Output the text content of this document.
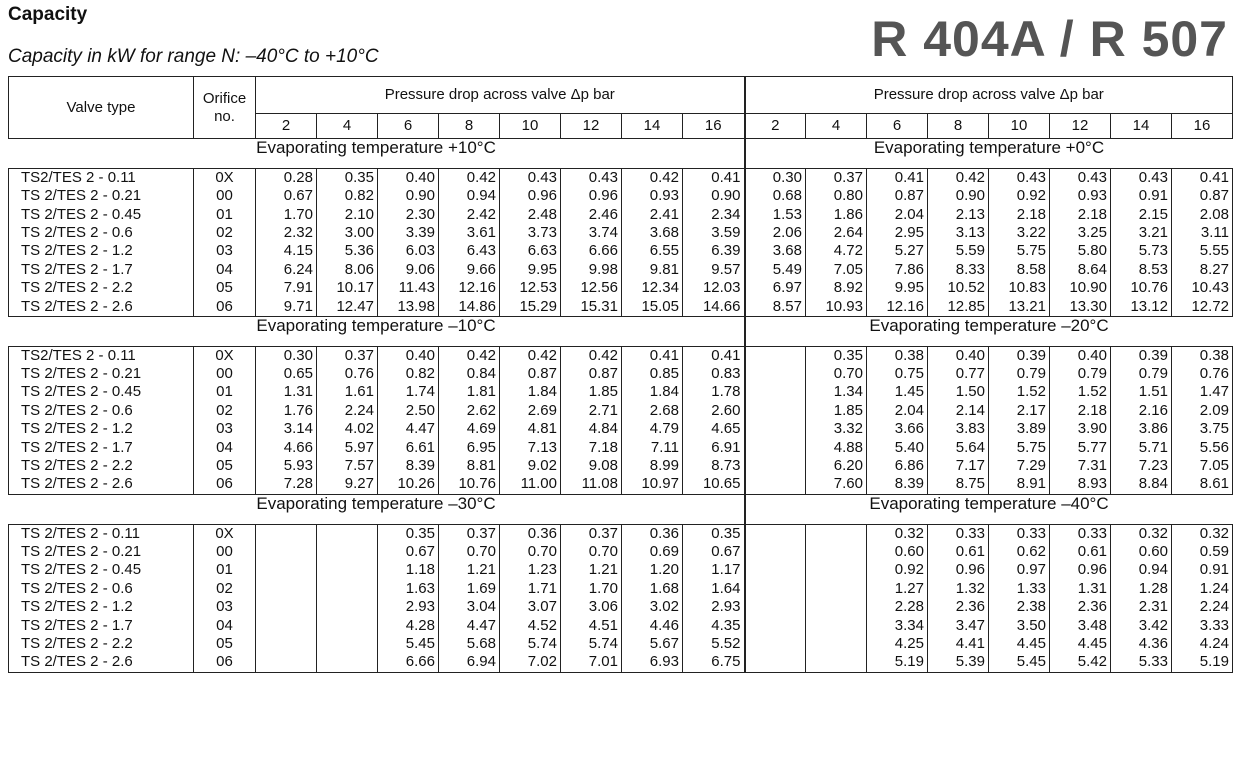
Capacity
Capacity in kW for range N: –40°C to +10°C	R 404A / R 507
Valve type	Orifice
no.	Pressure drop across valve Δp bar								Pressure drop across valve Δp bar							
		2	4	6	8	10	12	14	16	2	4	6	8	10	12	14	16
Evaporating temperature +10°C										Evaporating temperature +0°C							
TS2/TES 2 - 0.11	0X	0.28	0.35	0.40	0.42	0.43	0.43	0.42	0.41	0.30	0.37	0.41	0.42	0.43	0.43	0.43	0.41
TS 2/TES 2 - 0.21	00	0.67	0.82	0.90	0.94	0.96	0.96	0.93	0.90	0.68	0.80	0.87	0.90	0.92	0.93	0.91	0.87
TS 2/TES 2 - 0.45	01	1.70	2.10	2.30	2.42	2.48	2.46	2.41	2.34	1.53	1.86	2.04	2.13	2.18	2.18	2.15	2.08
TS 2/TES 2 - 0.6	02	2.32	3.00	3.39	3.61	3.73	3.74	3.68	3.59	2.06	2.64	2.95	3.13	3.22	3.25	3.21	3.11
TS 2/TES 2 - 1.2	03	4.15	5.36	6.03	6.43	6.63	6.66	6.55	6.39	3.68	4.72	5.27	5.59	5.75	5.80	5.73	5.55
TS 2/TES 2 - 1.7	04	6.24	8.06	9.06	9.66	9.95	9.98	9.81	9.57	5.49	7.05	7.86	8.33	8.58	8.64	8.53	8.27
TS 2/TES 2 - 2.2	05	7.91	10.17	11.43	12.16	12.53	12.56	12.34	12.03	6.97	8.92	9.95	10.52	10.83	10.90	10.76	10.43
TS 2/TES 2 - 2.6	06	9.71	12.47	13.98	14.86	15.29	15.31	15.05	14.66	8.57	10.93	12.16	12.85	13.21	13.30	13.12	12.72
Evaporating temperature –10°C										Evaporating temperature –20°C							
TS2/TES 2 - 0.11	0X	0.30	0.37	0.40	0.42	0.42	0.42	0.41	0.41		0.35	0.38	0.40	0.39	0.40	0.39	0.38
TS 2/TES 2 - 0.21	00	0.65	0.76	0.82	0.84	0.87	0.87	0.85	0.83		0.70	0.75	0.77	0.79	0.79	0.79	0.76
TS 2/TES 2 - 0.45	01	1.31	1.61	1.74	1.81	1.84	1.85	1.84	1.78		1.34	1.45	1.50	1.52	1.52	1.51	1.47
TS 2/TES 2 - 0.6	02	1.76	2.24	2.50	2.62	2.69	2.71	2.68	2.60		1.85	2.04	2.14	2.17	2.18	2.16	2.09
TS 2/TES 2 - 1.2	03	3.14	4.02	4.47	4.69	4.81	4.84	4.79	4.65		3.32	3.66	3.83	3.89	3.90	3.86	3.75
TS 2/TES 2 - 1.7	04	4.66	5.97	6.61	6.95	7.13	7.18	7.11	6.91		4.88	5.40	5.64	5.75	5.77	5.71	5.56
TS 2/TES 2 - 2.2	05	5.93	7.57	8.39	8.81	9.02	9.08	8.99	8.73		6.20	6.86	7.17	7.29	7.31	7.23	7.05
TS 2/TES 2 - 2.6	06	7.28	9.27	10.26	10.76	11.00	11.08	10.97	10.65		7.60	8.39	8.75	8.91	8.93	8.84	8.61
Evaporating temperature –30°C										Evaporating temperature –40°C							
TS 2/TES 2 - 0.11	0X			0.35	0.37	0.36	0.37	0.36	0.35			0.32	0.33	0.33	0.33	0.32	0.32
TS 2/TES 2 - 0.21	00			0.67	0.70	0.70	0.70	0.69	0.67			0.60	0.61	0.62	0.61	0.60	0.59
TS 2/TES 2 - 0.45	01			1.18	1.21	1.23	1.21	1.20	1.17			0.92	0.96	0.97	0.96	0.94	0.91
TS 2/TES 2 - 0.6	02			1.63	1.69	1.71	1.70	1.68	1.64			1.27	1.32	1.33	1.31	1.28	1.24
TS 2/TES 2 - 1.2	03			2.93	3.04	3.07	3.06	3.02	2.93			2.28	2.36	2.38	2.36	2.31	2.24
TS 2/TES 2 - 1.7	04			4.28	4.47	4.52	4.51	4.46	4.35			3.34	3.47	3.50	3.48	3.42	3.33
TS 2/TES 2 - 2.2	05			5.45	5.68	5.74	5.74	5.67	5.52			4.25	4.41	4.45	4.45	4.36	4.24
TS 2/TES 2 - 2.6	06			6.66	6.94	7.02	7.01	6.93	6.75			5.19	5.39	5.45	5.42	5.33	5.19
